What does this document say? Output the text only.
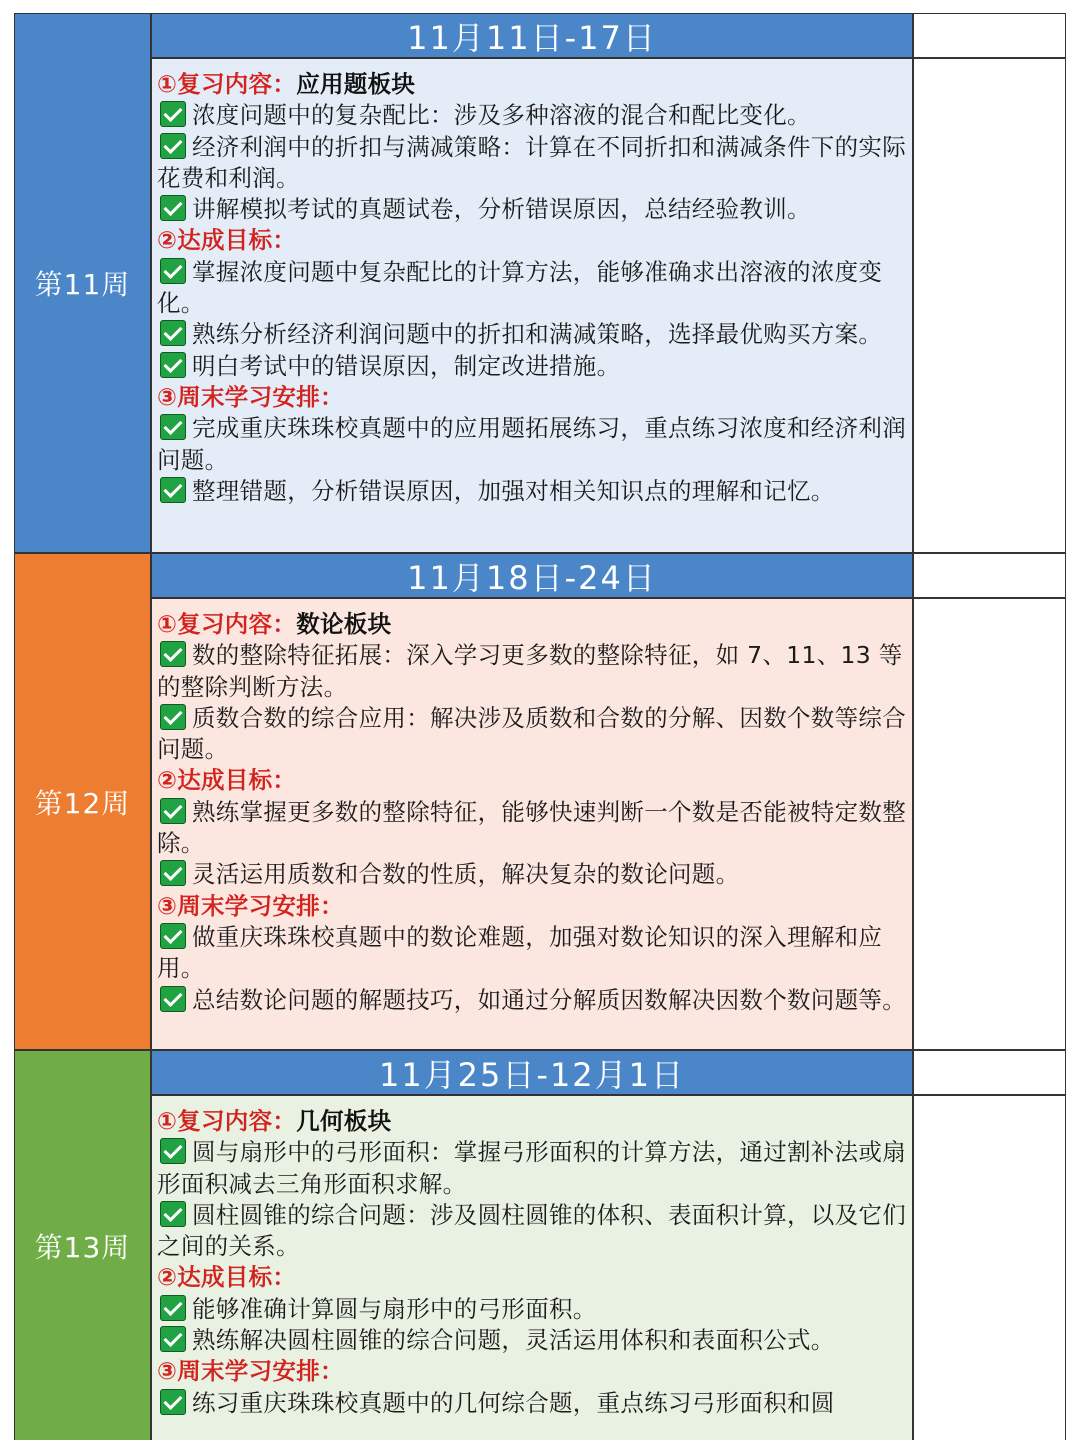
第11周
11月11日-17日
①复习内容：应用题板块
浓度问题中的复杂配比：涉及多种溶液的混合和配比变化。
经济利润中的折扣与满减策略：计算在不同折扣和满减条件下的实际花费和利润。
讲解模拟考试的真题试卷，分析错误原因，总结经验教训。
②达成目标：
掌握浓度问题中复杂配比的计算方法，能够准确求出溶液的浓度变化。
熟练分析经济利润问题中的折扣和满减策略，选择最优购买方案。
明白考试中的错误原因，制定改进措施。
③周末学习安排：
完成重庆珠珠校真题中的应用题拓展练习，重点练习浓度和经济利润问题。
整理错题，分析错误原因，加强对相关知识点的理解和记忆。
第12周
11月18日-24日
①复习内容：数论板块
数的整除特征拓展：深入学习更多数的整除特征，如 7、11、13 等的整除判断方法。
质数合数的综合应用：解决涉及质数和合数的分解、因数个数等综合问题。
②达成目标：
熟练掌握更多数的整除特征，能够快速判断一个数是否能被特定数整除。
灵活运用质数和合数的性质，解决复杂的数论问题。
③周末学习安排：
做重庆珠珠校真题中的数论难题，加强对数论知识的深入理解和应用。
总结数论问题的解题技巧，如通过分解质因数解决因数个数问题等。
第13周
11月25日-12月1日
①复习内容：几何板块
圆与扇形中的弓形面积：掌握弓形面积的计算方法，通过割补法或扇形面积减去三角形面积求解。
圆柱圆锥的综合问题：涉及圆柱圆锥的体积、表面积计算，以及它们之间的关系。
②达成目标：
能够准确计算圆与扇形中的弓形面积。
熟练解决圆柱圆锥的综合问题，灵活运用体积和表面积公式。
③周末学习安排：
练习重庆珠珠校真题中的几何综合题，重点练习弓形面积和圆
